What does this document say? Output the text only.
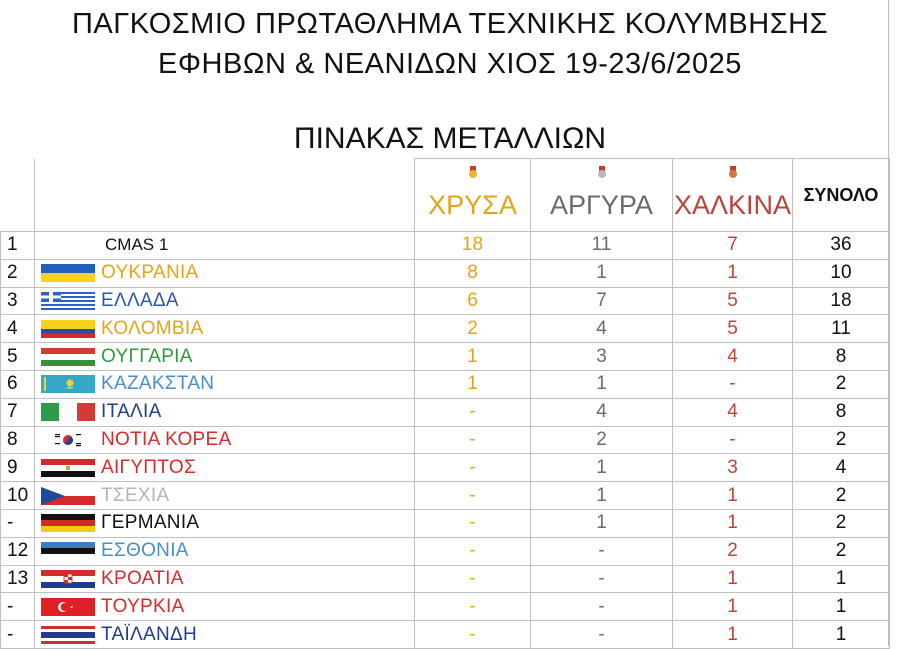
ΠΑΓΚΟΣΜΙΟ ΠΡΩΤΑΘΛΗΜΑ ΤΕΧΝΙΚΗΣ ΚΟΛΥΜΒΗΣΗΣ
ΕΦΗΒΩΝ & ΝΕΑΝΙΔΩΝ ΧΙΟΣ 19-23/6/2025
ΠΙΝΑΚΑΣ ΜΕΤΑΛΛΙΩΝ

		ΧΡΥΣΑ	ΑΡΓΥΡΑ	ΧΑΛΚΙΝΑ	ΣΥΝΟΛΟ
1	CMAS 1	18	11	7	36
2	ΟΥΚΡΑΝΙΑ	8	1	1	10
3	ΕΛΛΑΔΑ	6	7	5	18
4	ΚΟΛΟΜΒΙΑ	2	4	5	11
5	ΟΥΓΓΑΡΙΑ	1	3	4	8
6	ΚΑΖΑΚΣΤΑΝ	1	1	-	2
7	ΙΤΑΛΙΑ	-	4	4	8
8	ΝΟΤΙΑ ΚΟΡΕΑ	-	2	-	2
9	ΑΙΓΥΠΤΟΣ	-	1	3	4
10	ΤΣΕΧΙΑ	-	1	1	2
-	ΓΕΡΜΑΝΙΑ	-	1	1	2
12	ΕΣΘΟΝΙΑ	-	-	2	2
13	ΚΡΟΑΤΙΑ	-	-	1	1
-	ΤΟΥΡΚΙΑ	-	-	1	1
-	ΤΑΪΛΑΝΔΗ	-	-	1	1
